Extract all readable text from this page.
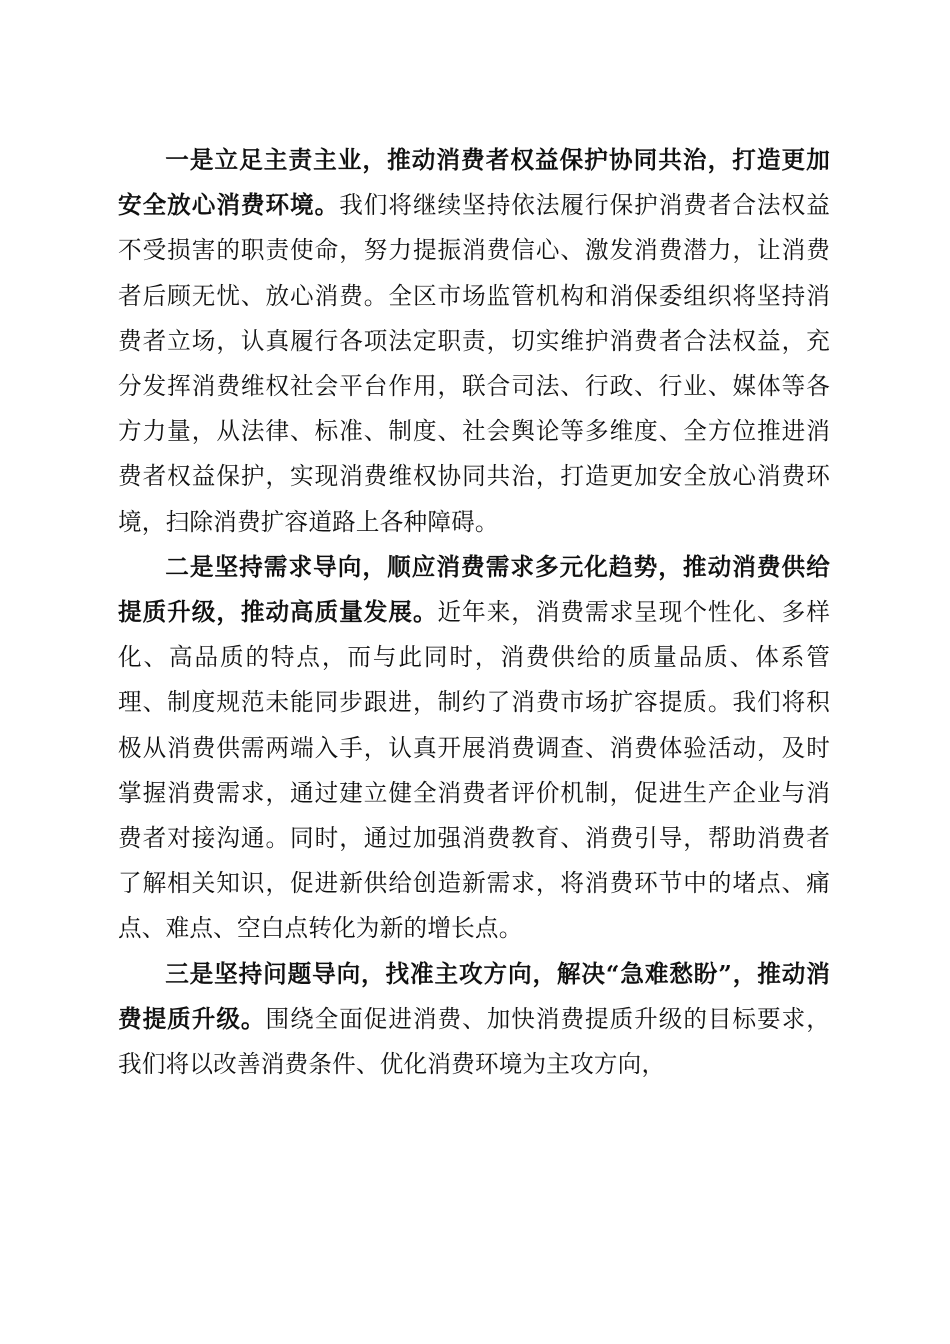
一是立足主责主业，推动消费者权益保护协同共治，打造更加安全放心消费环境。我们将继续坚持依法履行保护消费者合法权益不受损害的职责使命，努力提振消费信心、激发消费潜力，让消费者后顾无忧、放心消费。全区市场监管机构和消保委组织将坚持消费者立场，认真履行各项法定职责，切实维护消费者合法权益，充分发挥消费维权社会平台作用，联合司法、行政、行业、媒体等各方力量，从法律、标准、制度、社会舆论等多维度、全方位推进消费者权益保护，实现消费维权协同共治，打造更加安全放心消费环境，扫除消费扩容道路上各种障碍。

二是坚持需求导向，顺应消费需求多元化趋势，推动消费供给提质升级，推动高质量发展。近年来，消费需求呈现个性化、多样化、高品质的特点，而与此同时，消费供给的质量品质、体系管理、制度规范未能同步跟进，制约了消费市场扩容提质。我们将积极从消费供需两端入手，认真开展消费调查、消费体验活动，及时掌握消费需求，通过建立健全消费者评价机制，促进生产企业与消费者对接沟通。同时，通过加强消费教育、消费引导，帮助消费者了解相关知识，促进新供给创造新需求，将消费环节中的堵点、痛点、难点、空白点转化为新的增长点。

三是坚持问题导向，找准主攻方向，解决“急难愁盼”，推动消费提质升级。围绕全面促进消费、加快消费提质升级的目标要求，我们将以改善消费条件、优化消费环境为主攻方向，
